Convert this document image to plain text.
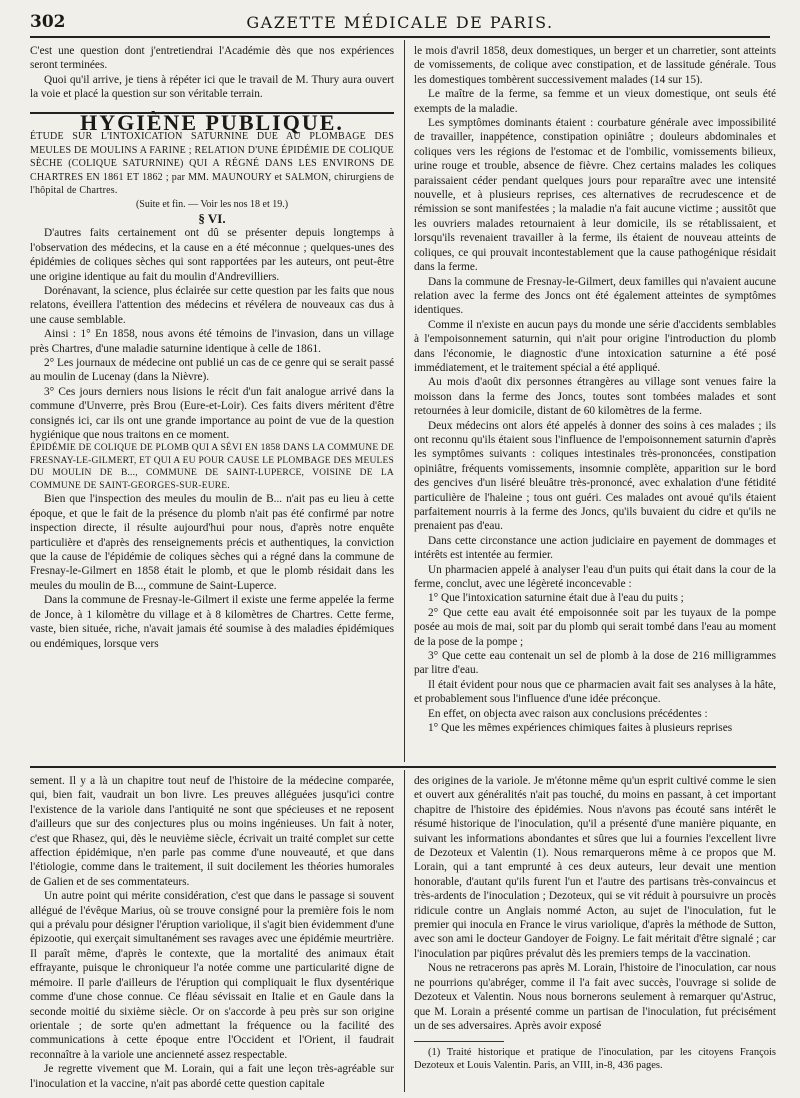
302	GAZETTE MÉDICALE DE PARIS.

C'est une question dont j'entretiendrai l'Académie dès que nos expériences seront terminées.

Quoi qu'il arrive, je tiens à répéter ici que le travail de M. Thury aura ouvert la voie et placé la question sur son véritable terrain.

HYGIÈNE PUBLIQUE.

ÉTUDE SUR L'INTOXICATION SATURNINE DUE AU PLOMBAGE DES MEULES DE MOULINS A FARINE ; RELATION D'UNE ÉPIDÉMIE DE COLIQUE SÈCHE (COLIQUE SATURNINE) QUI A RÉGNÉ DANS LES ENVIRONS DE CHARTRES EN 1861 ET 1862 ; par MM. MAUNOURY et SALMON, chirurgiens de l'hôpital de Chartres.

(Suite et fin. — Voir les nos 18 et 19.)

§ VI.

D'autres faits certainement ont dû se présenter depuis longtemps à l'observation des médecins, et la cause en a été méconnue ; quelques-unes des épidémies de coliques sèches qui sont rapportées par les auteurs, ont peut-être une origine identique au fait du moulin d'Andrevilliers.

Dorénavant, la science, plus éclairée sur cette question par les faits que nous relatons, éveillera l'attention des médecins et révélera de nouveaux cas dus à une cause semblable.

Ainsi : 1° En 1858, nous avons été témoins de l'invasion, dans un village près Chartres, d'une maladie saturnine identique à celle de 1861.

2° Les journaux de médecine ont publié un cas de ce genre qui se serait passé au moulin de Lucenay (dans la Nièvre).

3° Ces jours derniers nous lisions le récit d'un fait analogue arrivé dans la commune d'Unverre, près Brou (Eure-et-Loir). Ces faits divers méritent d'être consignés ici, car ils ont une grande importance au point de vue de la question hygiénique que nous traitons en ce moment.

ÉPIDÉMIE DE COLIQUE DE PLOMB QUI A SÉVI EN 1858 DANS LA COMMUNE DE FRESNAY-LE-GILMERT, ET QUI A EU POUR CAUSE LE PLOMBAGE DES MEULES DU MOULIN DE B..., COMMUNE DE SAINT-LUPERCE, VOISINE DE LA COMMUNE DE SAINT-GEORGES-SUR-EURE.

Bien que l'inspection des meules du moulin de B... n'ait pas eu lieu à cette époque, et que le fait de la présence du plomb n'ait pas été confirmé par notre inspection directe, il résulte aujourd'hui pour nous, d'après notre enquête particulière et d'après des renseignements précis et authentiques, la conviction que la cause de l'épidémie de coliques sèches qui a régné dans la commune de Fresnay-le-Gilmert en 1858 était le plomb, et que le plomb résidait dans les meules du moulin de B..., commune de Saint-Luperce.

Dans la commune de Fresnay-le-Gilmert il existe une ferme appelée la ferme de Jonce, à 1 kilomètre du village et à 8 kilomètres de Chartres. Cette ferme, vaste, bien située, riche, n'avait jamais été soumise à des maladies épidémiques ou endémiques, lorsque vers

le mois d'avril 1858, deux domestiques, un berger et un charretier, sont atteints de vomissements, de colique avec constipation, et de lassitude générale. Tous les domestiques tombèrent successivement malades (14 sur 15).

Le maître de la ferme, sa femme et un vieux domestique, ont seuls été exempts de la maladie.

Les symptômes dominants étaient : courbature générale avec impossibilité de travailler, inappétence, constipation opiniâtre ; douleurs abdominales et coliques vers les régions de l'estomac et de l'ombilic, vomissements bilieux, urine rouge et trouble, absence de fièvre. Chez certains malades les coliques paraissaient céder pendant quelques jours pour reparaître avec une intensité nouvelle, et à plusieurs reprises, ces alternatives de recrudescence et de rémission se sont manifestées ; la maladie n'a fait aucune victime ; aussitôt que les ouvriers malades retournaient à leur domicile, ils se rétablissaient, et lorsqu'ils revenaient travailler à la ferme, ils étaient de nouveau atteints de coliques, ce qui prouvait incontestablement que la cause pathogénique résidait dans la ferme.

Dans la commune de Fresnay-le-Gilmert, deux familles qui n'avaient aucune relation avec la ferme des Joncs ont été également atteintes de symptômes identiques.

Comme il n'existe en aucun pays du monde une série d'accidents semblables à l'empoisonnement saturnin, qui n'ait pour origine l'introduction du plomb dans l'économie, le diagnostic d'une intoxication saturnine a été posé immédiatement, et le traitement spécial a été appliqué.

Au mois d'août dix personnes étrangères au village sont venues faire la moisson dans la ferme des Joncs, toutes sont tombées malades et sont retournées à leur domicile, distant de 60 kilomètres de la ferme.

Deux médecins ont alors été appelés à donner des soins à ces malades ; ils ont reconnu qu'ils étaient sous l'influence de l'empoisonnement saturnin d'après les symptômes suivants : coliques intestinales très-prononcées, constipation opiniâtre, fréquents vomissements, insomnie complète, apparition sur le bord des gencives d'un liséré bleuâtre très-prononcé, avec exhalation d'une fétidité particulière de l'haleine ; tous ont guéri. Ces malades ont avoué qu'ils étaient parfaitement nourris à la ferme des Joncs, qu'ils buvaient du cidre et qu'ils ne prenaient pas d'eau.

Dans cette circonstance une action judiciaire en payement de dommages et intérêts est intentée au fermier.

Un pharmacien appelé à analyser l'eau d'un puits qui était dans la cour de la ferme, conclut, avec une légèreté inconcevable :

1° Que l'intoxication saturnine était due à l'eau du puits ;

2° Que cette eau avait été empoisonnée soit par les tuyaux de la pompe posée au mois de mai, soit par du plomb qui serait tombé dans l'eau au moment de la pose de la pompe ;

3° Que cette eau contenait un sel de plomb à la dose de 216 milligrammes par litre d'eau.

Il était évident pour nous que ce pharmacien avait fait ses analyses à la hâte, et probablement sous l'influence d'une idée préconçue.

En effet, on objecta avec raison aux conclusions précédentes :

1° Que les mêmes expériences chimiques faites à plusieurs reprises

sement. Il y a là un chapitre tout neuf de l'histoire de la médecine comparée, qui, bien fait, vaudrait un bon livre. Les preuves alléguées jusqu'ici contre l'existence de la variole dans l'antiquité ne sont que spécieuses et ne reposent d'ailleurs que sur des conjectures plus ou moins ingénieuses. Un fait à noter, c'est que Rhasez, qui, dès le neuvième siècle, écrivait un traité complet sur cette affection épidémique, n'en parle pas comme d'une nouveauté, et que dans l'étiologie, comme dans le traitement, il suit docilement les théories humorales de Galien et de ses commentateurs.

Un autre point qui mérite considération, c'est que dans le passage si souvent allégué de l'évêque Marius, où se trouve consigné pour la première fois le nom qui a prévalu pour désigner l'éruption variolique, il s'agit bien évidemment d'une épizootie, qui exerçait simultanément ses ravages avec une épidémie meurtrière. Il paraît même, d'après le contexte, que la mortalité des animaux était effrayante, puisque le chroniqueur l'a notée comme une particularité digne de mémoire. Il parle d'ailleurs de l'éruption qui compliquait le flux dysentérique comme d'une chose connue. Ce fléau sévissait en Italie et en Gaule dans la seconde moitié du sixième siècle. Or on s'accorde à peu près sur son origine orientale ; de sorte qu'en admettant la fréquence ou la facilité des communications à cette époque entre l'Occident et l'Orient, il faudrait reconnaître à la variole une ancienneté assez respectable.

Je regrette vivement que M. Lorain, qui a fait une leçon très-agréable sur l'inoculation et la vaccine, n'ait pas abordé cette question capitale

des origines de la variole. Je m'étonne même qu'un esprit cultivé comme le sien et ouvert aux généralités n'ait pas touché, du moins en passant, à cet important chapitre de l'histoire des épidémies. Nous n'avons pas écouté sans intérêt le résumé historique de l'inoculation, qu'il a présenté d'une manière piquante, en suivant les informations abondantes et sûres que lui a fournies l'excellent livre de Dezoteux et Valentin (1). Nous remarquerons même à ce propos que M. Lorain, qui a tant emprunté à ces deux auteurs, leur devait une mention honorable, d'autant qu'ils furent l'un et l'autre des partisans très-convaincus et très-ardents de l'inoculation ; Dezoteux, qui se vit réduit à poursuivre un procès ridicule contre un Anglais nommé Acton, au sujet de l'inoculation, fut le premier qui inocula en France le virus variolique, d'après la méthode de Sutton, avec son ami le docteur Gandoyer de Foigny. Le fait méritait d'être signalé ; car l'inoculation par piqûres prévalut dès les premiers temps de la vaccination.

Nous ne retracerons pas après M. Lorain, l'histoire de l'inoculation, car nous ne pourrions qu'abréger, comme il l'a fait avec succès, l'ouvrage si solide de Dezoteux et Valentin. Nous nous bornerons seulement à remarquer qu'Astruc, que M. Lorain a présenté comme un partisan de l'inoculation, fut précisément un de ses adversaires. Après avoir exposé

(1) Traité historique et pratique de l'inoculation, par les citoyens François Dezoteux et Louis Valentin. Paris, an VIII, in-8, 436 pages.
